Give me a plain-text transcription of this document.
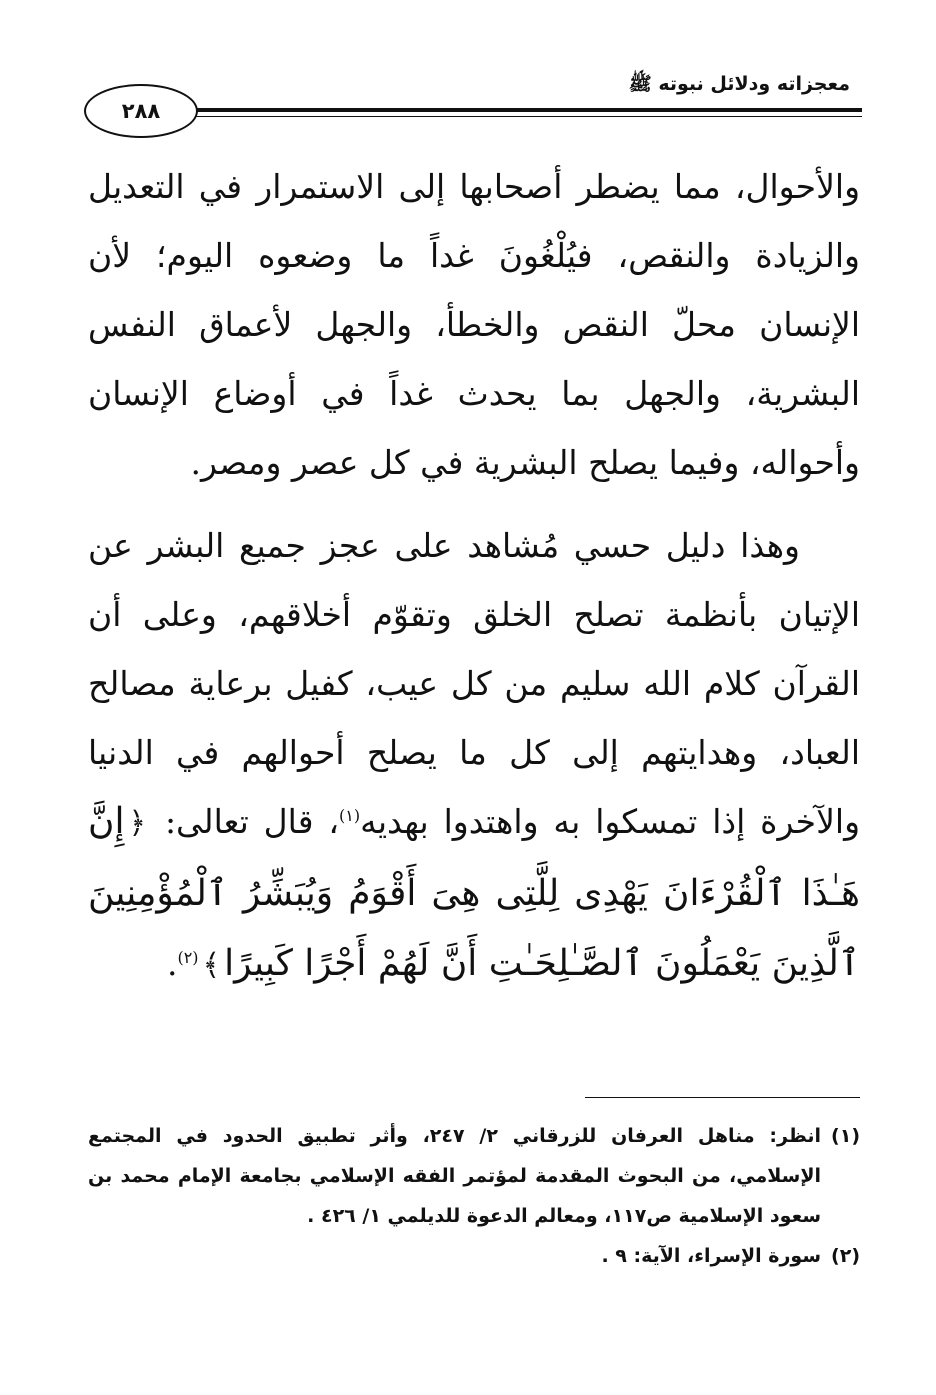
معجزاته ودلائل نبوته ﷺ
٢٨٨

والأحوال، مما يضطر أصحابها إلى الاستمرار في التعديل والزيادة والنقص، فيُلْغُونَ غداً ما وضعوه اليوم؛ لأن الإنسان محلّ النقص والخطأ، والجهل لأعماق النفس البشرية، والجهل بما يحدث غداً في أوضاع الإنسان وأحواله، وفيما يصلح البشرية في كل عصر ومصر.

وهذا دليل حسي مُشاهد على عجز جميع البشر عن الإتيان بأنظمة تصلح الخلق وتقوّم أخلاقهم، وعلى أن القرآن كلام الله سليم من كل عيب، كفيل برعاية مصالح العباد، وهدايتهم إلى كل ما يصلح أحوالهم في الدنيا والآخرة إذا تمسكوا به واهتدوا بهديه$^{(١)}$، قال تعالى: ﴿إِنَّ هَـٰذَا ٱلْقُرْءَانَ يَهْدِى لِلَّتِى هِىَ أَقْوَمُ وَيُبَشِّرُ ٱلْمُؤْمِنِينَ ٱلَّذِينَ يَعْمَلُونَ ٱلصَّـٰلِحَـٰتِ أَنَّ لَهُمْ أَجْرًا كَبِيرًا﴾$^{(٢)}$.

(١)
انظر: مناهل العرفان للزرقاني ٢/ ٢٤٧، وأثر تطبيق الحدود في المجتمع الإسلامي، من البحوث المقدمة لمؤتمر الفقه الإسلامي بجامعة الإمام محمد بن سعود الإسلامية ص١١٧، ومعالم الدعوة للديلمي ١/ ٤٢٦ .
(٢)
سورة الإسراء، الآية: ٩ .
